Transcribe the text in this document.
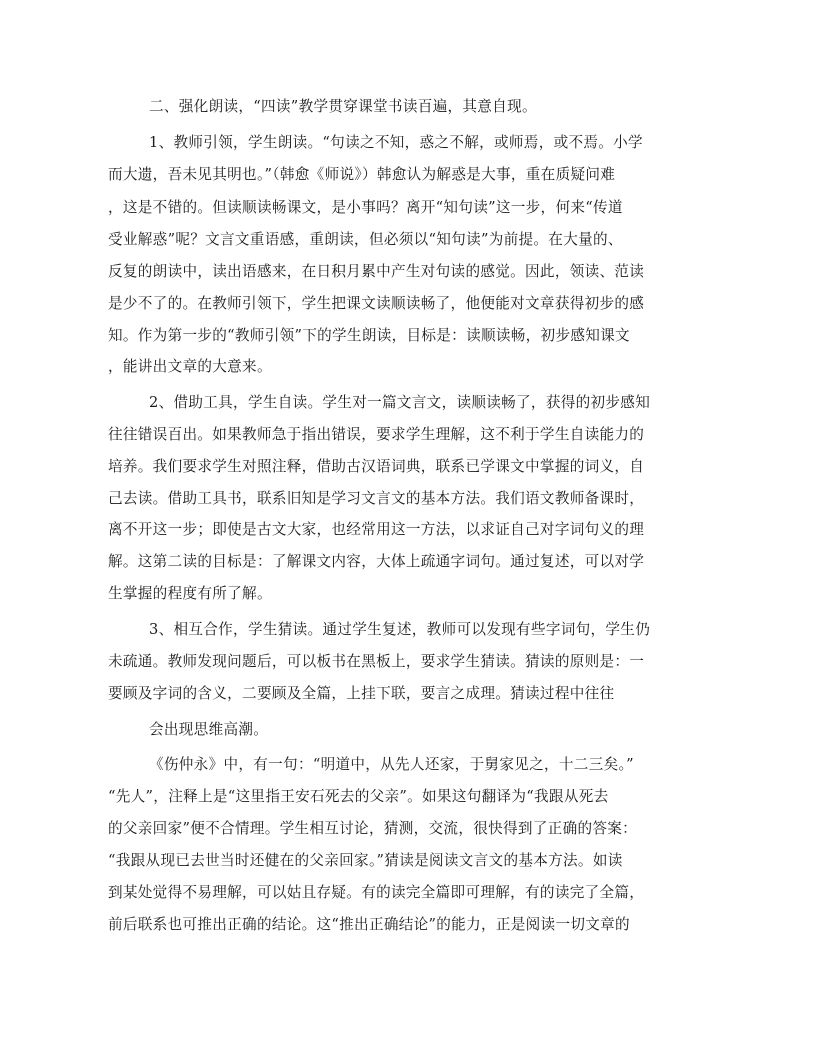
二、强化朗读，“四读”教学贯穿课堂书读百遍，其意自现。
1、教师引领，学生朗读。“句读之不知，惑之不解，或师焉，或不焉。小学
而大遗，吾未见其明也。”（韩愈《师说》）韩愈认为解惑是大事，重在质疑问难
，这是不错的。但读顺读畅课文，是小事吗？离开“知句读”这一步，何来“传道
受业解惑”呢？文言文重语感，重朗读，但必须以“知句读”为前提。在大量的、
反复的朗读中，读出语感来，在日积月累中产生对句读的感觉。因此，领读、范读
是少不了的。在教师引领下，学生把课文读顺读畅了，他便能对文章获得初步的感
知。作为第一步的“教师引领”下的学生朗读，目标是：读顺读畅，初步感知课文
，能讲出文章的大意来。
2、借助工具，学生自读。学生对一篇文言文，读顺读畅了，获得的初步感知
往往错误百出。如果教师急于指出错误，要求学生理解，这不利于学生自读能力的
培养。我们要求学生对照注释，借助古汉语词典，联系已学课文中掌握的词义，自
己去读。借助工具书，联系旧知是学习文言文的基本方法。我们语文教师备课时，
离不开这一步；即使是古文大家，也经常用这一方法，以求证自己对字词句义的理
解。这第二读的目标是：了解课文内容，大体上疏通字词句。通过复述，可以对学
生掌握的程度有所了解。
3、相互合作，学生猜读。通过学生复述，教师可以发现有些字词句，学生仍
未疏通。教师发现问题后，可以板书在黑板上，要求学生猜读。猜读的原则是：一
要顾及字词的含义，二要顾及全篇，上挂下联，要言之成理。猜读过程中往往
会出现思维高潮。
《伤仲永》中，有一句：“明道中，从先人还家，于舅家见之，十二三矣。”
“先人”，注释上是“这里指王安石死去的父亲”。如果这句翻译为“我跟从死去
的父亲回家”便不合情理。学生相互讨论，猜测，交流，很快得到了正确的答案：
“我跟从现已去世当时还健在的父亲回家。”猜读是阅读文言文的基本方法。如读
到某处觉得不易理解，可以姑且存疑。有的读完全篇即可理解，有的读完了全篇，
前后联系也可推出正确的结论。这“推出正确结论”的能力，正是阅读一切文章的
